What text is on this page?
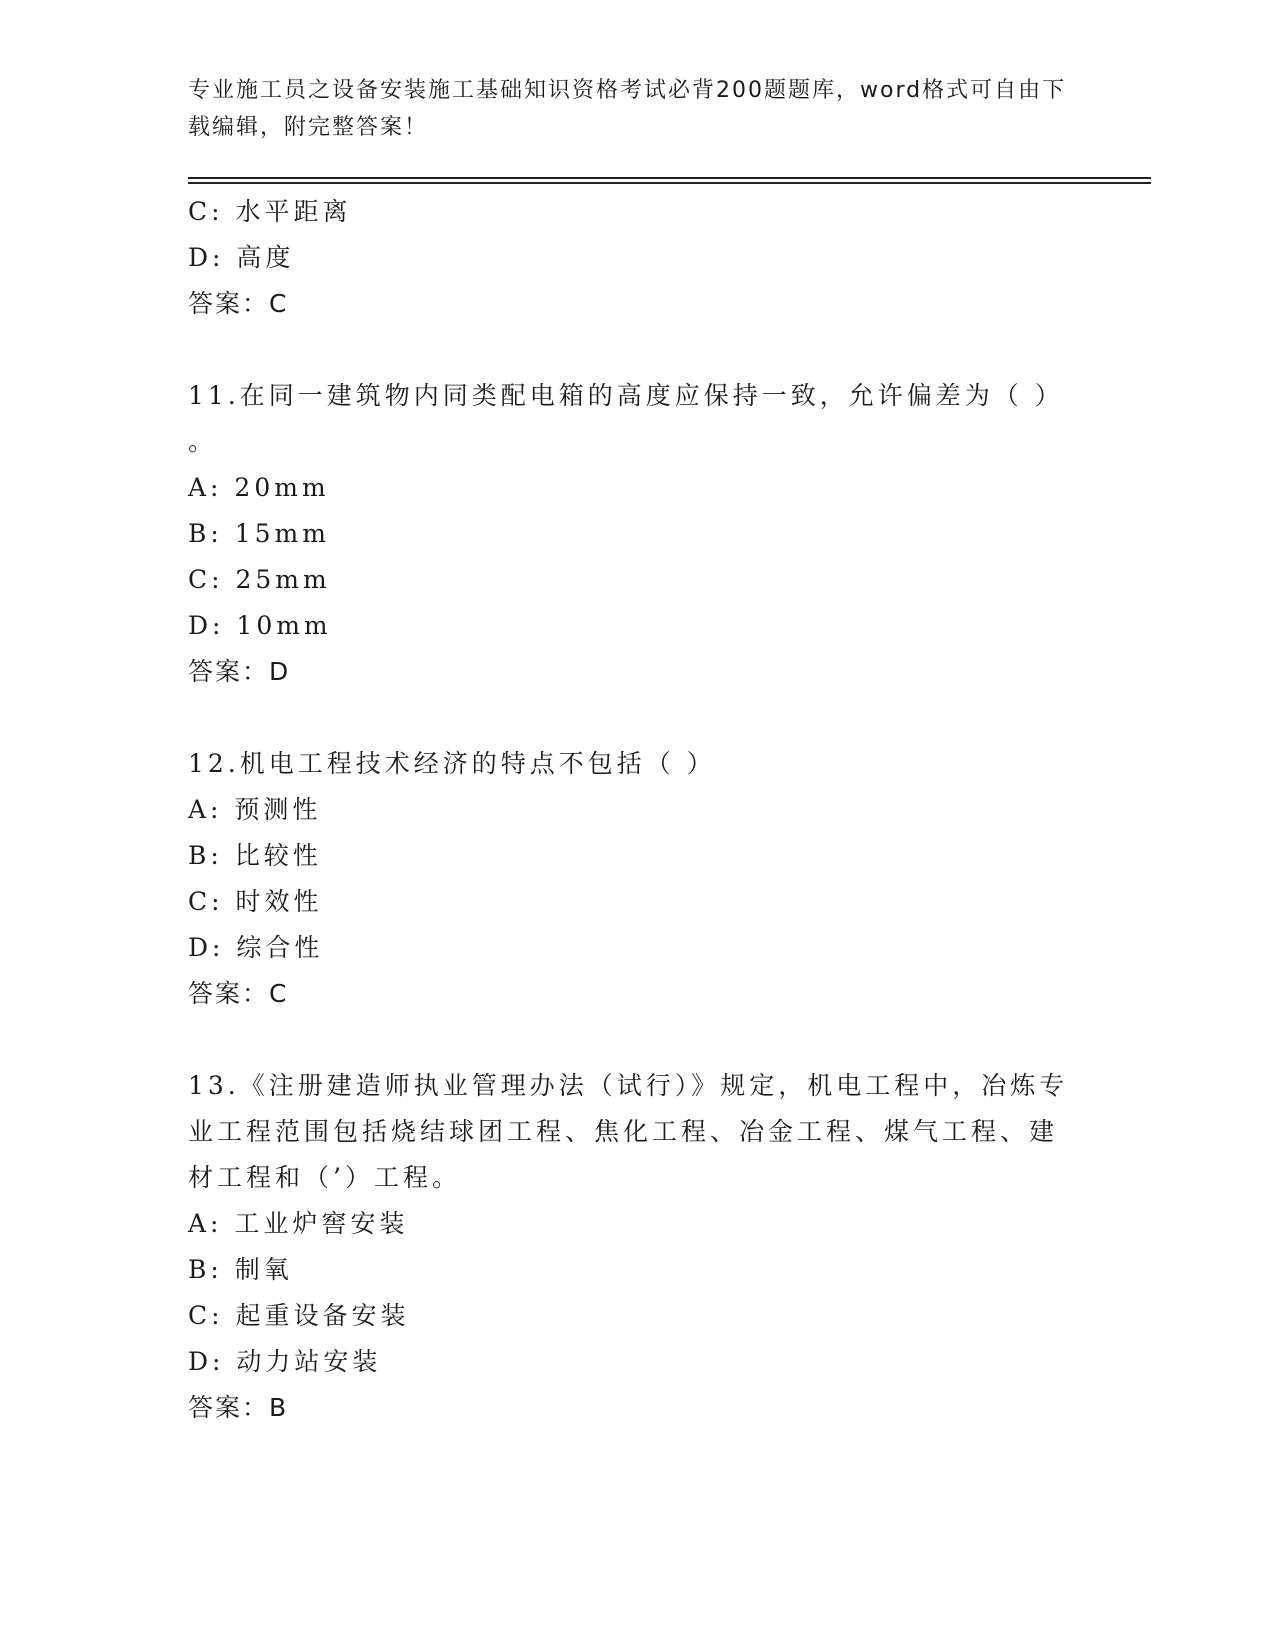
专业施工员之设备安装施工基础知识资格考试必背200题题库，word格式可自由下载编辑，附完整答案！
C: 水平距离
D: 高度
答案：C
11.在同一建筑物内同类配电箱的高度应保持一致，允许偏差为（ ）
。
A: 20mm
B: 15mm
C: 25mm
D: 10mm
答案：D
12.机电工程技术经济的特点不包括（ ）
A: 预测性
B: 比较性
C: 时效性
D: 综合性
答案：C
13.《注册建造师执业管理办法（试行）》规定，机电工程中，冶炼专
业工程范围包括烧结球团工程、焦化工程、冶金工程、煤气工程、建
材工程和（’）工程。
A: 工业炉窖安装
B: 制氧
C: 起重设备安装
D: 动力站安装
答案：B
